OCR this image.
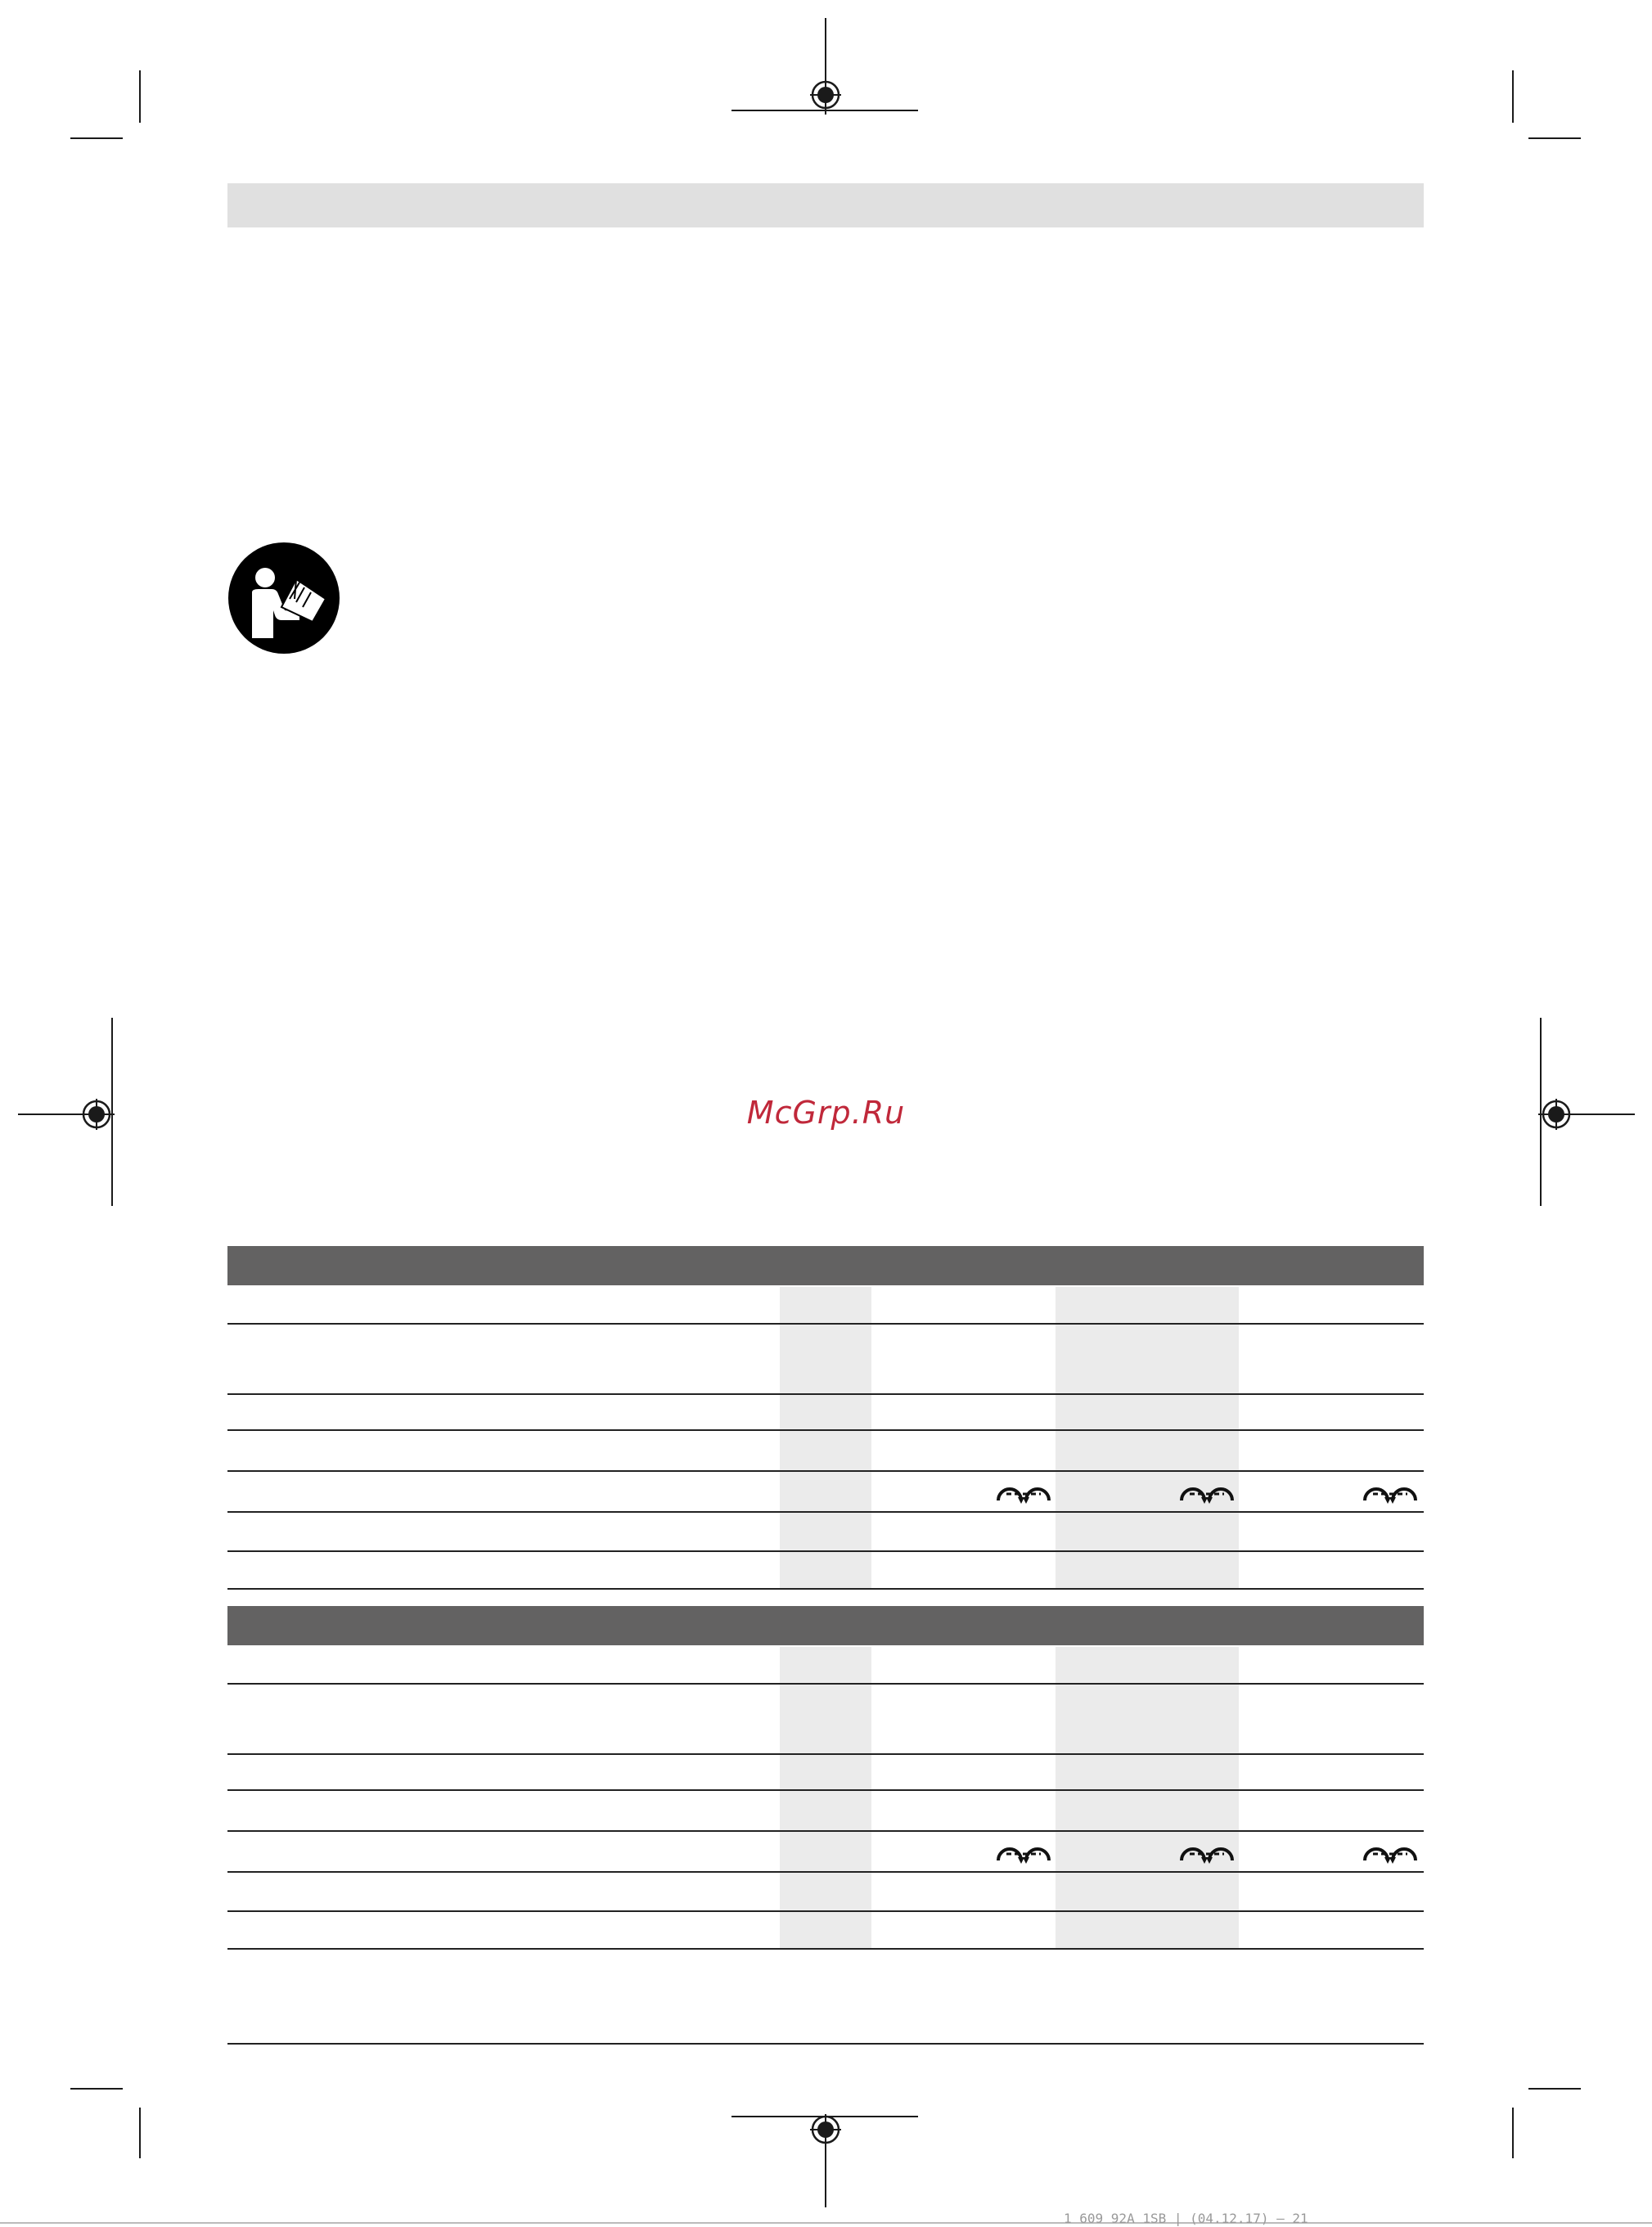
McGrp.Ru
1 609 92A 1SB | (04.12.17) — 21
